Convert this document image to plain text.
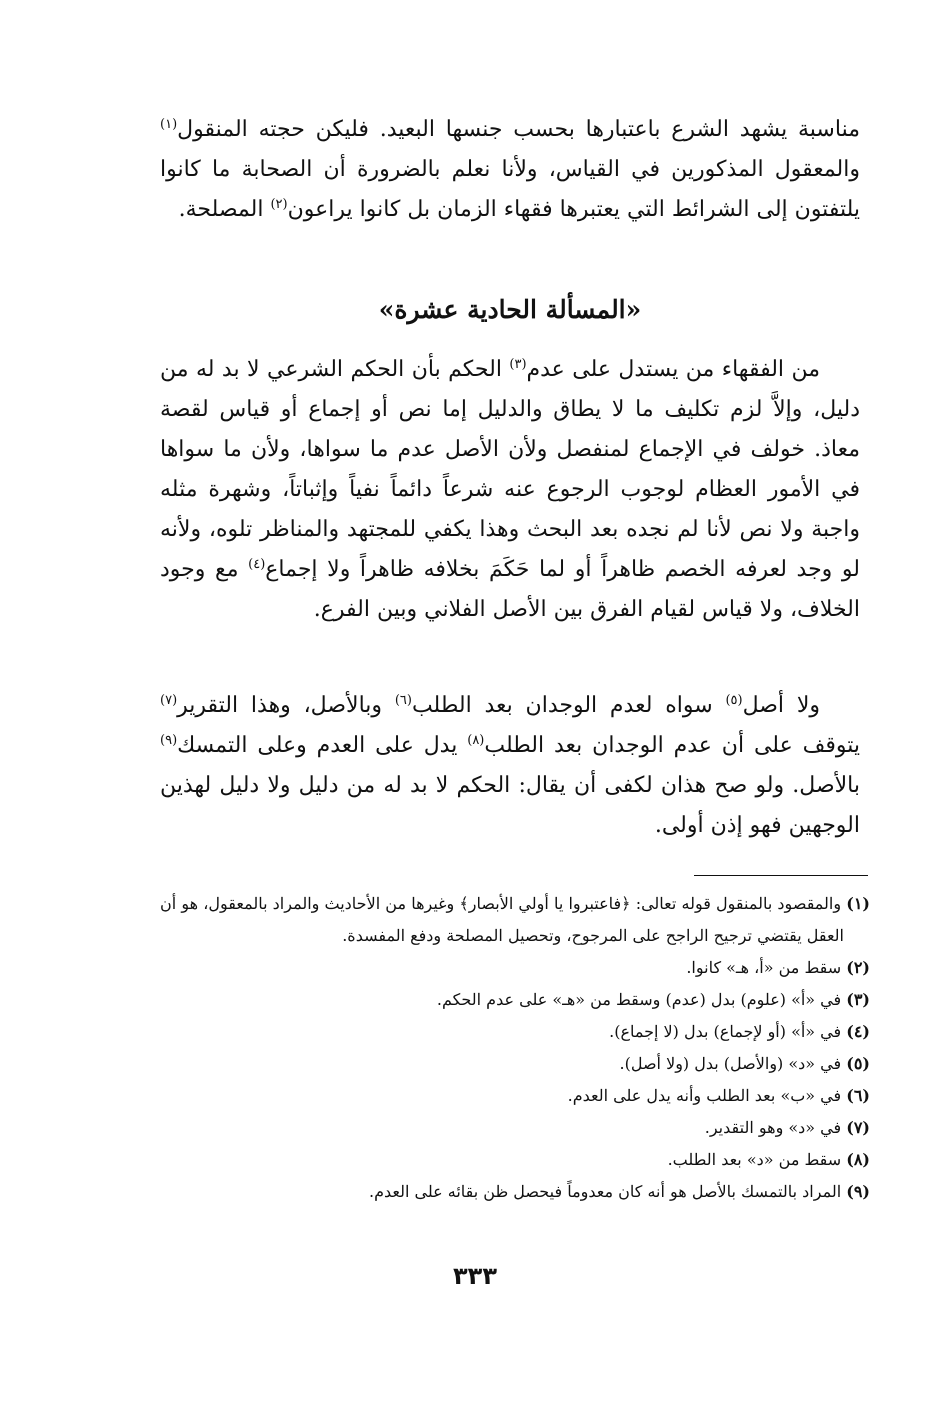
مناسبة يشهد الشرع باعتبارها بحسب جنسها البعيد. فليكن حجته المنقول$^{(١)}$ والمعقول المذكورين في القياس، ولأنا نعلم بالضرورة أن الصحابة ما كانوا يلتفتون إلى الشرائط التي يعتبرها فقهاء الزمان بل كانوا يراعون$^{(٢)}$ المصلحة.
«المسألة الحادية عشرة»
من الفقهاء من يستدل على عدم$^{(٣)}$ الحكم بأن الحكم الشرعي لا بد له من دليل، وإلاَّ لزم تكليف ما لا يطاق والدليل إما نص أو إجماع أو قياس لقصة معاذ. خولف في الإجماع لمنفصل ولأن الأصل عدم ما سواها، ولأن ما سواها في الأمور العظام لوجوب الرجوع عنه شرعاً دائماً نفياً وإثباتاً، وشهرة مثله واجبة ولا نص لأنا لم نجده بعد البحث وهذا يكفي للمجتهد والمناظر تلوه، ولأنه لو وجد لعرفه الخصم ظاهراً أو لما حَكَمَ بخلافه ظاهراً ولا إجماع$^{(٤)}$ مع وجود الخلاف، ولا قياس لقيام الفرق بين الأصل الفلاني وبين الفرع.
ولا أصل$^{(٥)}$ سواه لعدم الوجدان بعد الطلب$^{(٦)}$ وبالأصل، وهذا التقرير$^{(٧)}$ يتوقف على أن عدم الوجدان بعد الطلب$^{(٨)}$ يدل على العدم وعلى التمسك$^{(٩)}$ بالأصل. ولو صح هذان لكفى أن يقال: الحكم لا بد له من دليل ولا دليل لهذين الوجهين فهو إذن أولى.
(١) والمقصود بالمنقول قوله تعالى: ﴿فاعتبروا يا أولي الأبصار﴾ وغيرها من الأحاديث والمراد بالمعقول، هو أن العقل يقتضي ترجيح الراجح على المرجوح، وتحصيل المصلحة ودفع المفسدة.
(٢) سقط من «أ، هـ» كانوا.
(٣) في «أ» (علوم) بدل (عدم) وسقط من «هـ» على عدم الحكم.
(٤) في «أ» (أو لإجماع) بدل (لا إجماع).
(٥) في «د» (والأصل) بدل (ولا أصل).
(٦) في «ب» بعد الطلب وأنه يدل على العدم.
(٧) في «د» وهو التقدير.
(٨) سقط من «د» بعد الطلب.
(٩) المراد بالتمسك بالأصل هو أنه كان معدوماً فيحصل ظن بقائه على العدم.
٣٣٣
